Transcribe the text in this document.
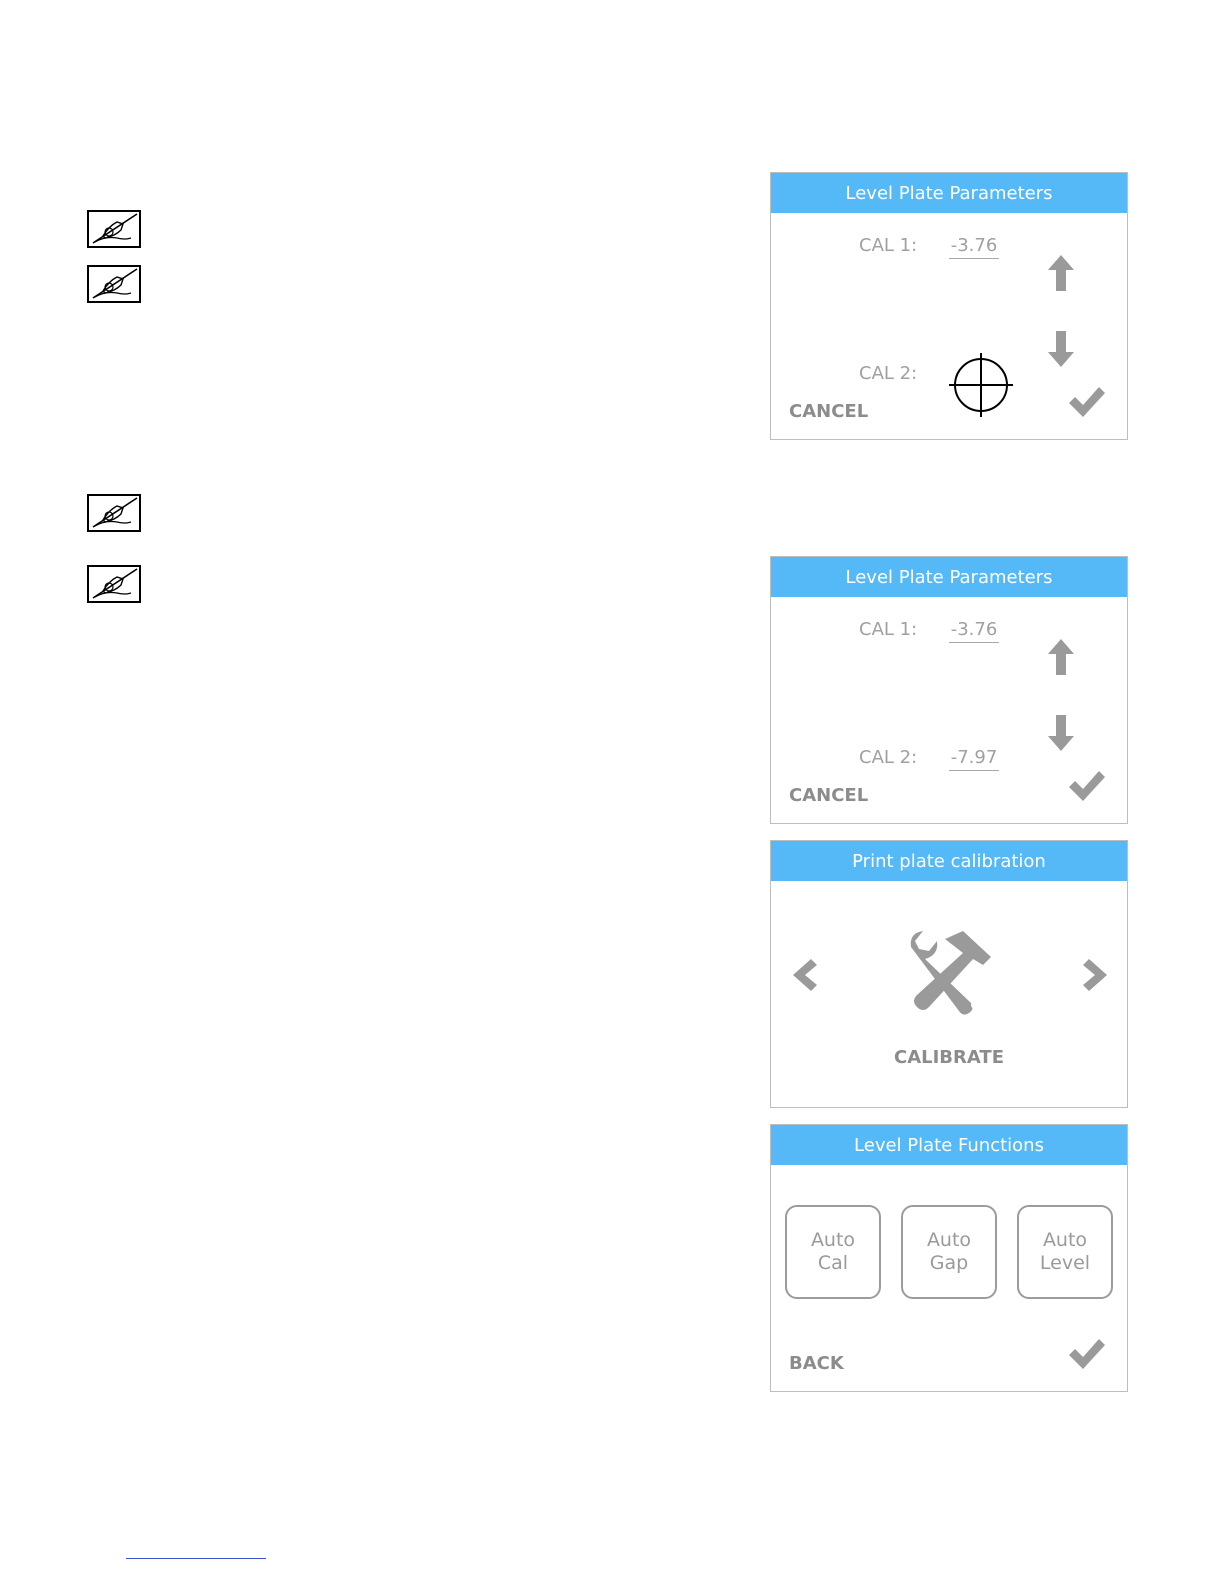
Level Plate Parameters
CAL 1: -3.76
CAL 2:
CANCEL
Level Plate Parameters
CAL 1: -3.76
CAL 2: -7.97
CANCEL
Print plate calibration
CALIBRATE
Level Plate Functions
Auto
Cal
Auto
Gap
Auto
Level
BACK
